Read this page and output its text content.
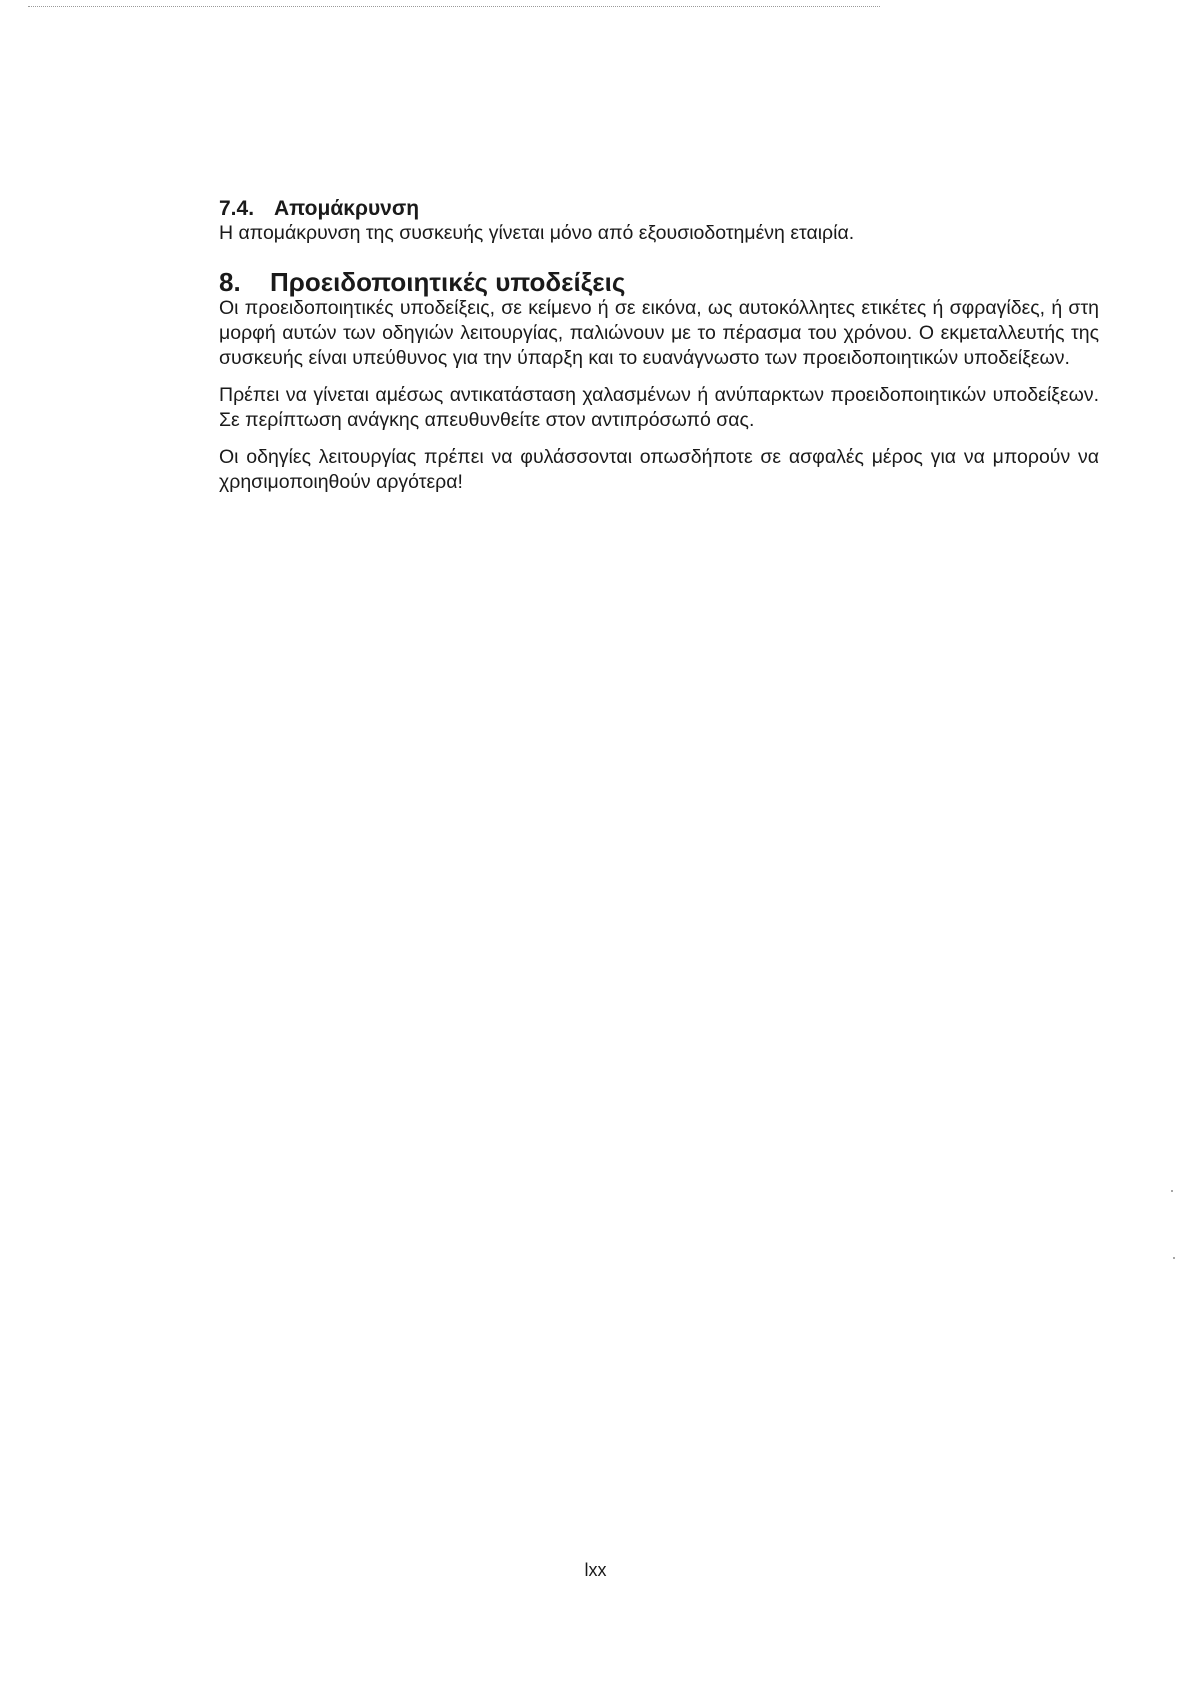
7.4. Απομάκρυνση

Η απομάκρυνση της συσκευής γίνεται μόνο από εξουσιοδοτημένη εταιρία.

8. Προειδοποιητικές υποδείξεις

Οι προειδοποιητικές υποδείξεις, σε κείμενο ή σε εικόνα, ως αυτοκόλλητες ετικέτες ή σφραγίδες, ή στη μορφή αυτών των οδηγιών λειτουργίας, παλιώνουν με το πέρασμα του χρόνου. Ο εκμεταλλευτής της συσκευής είναι υπεύθυνος για την ύπαρξη και το ευανάγνωστο των προειδοποιητικών υποδείξεων.

Πρέπει να γίνεται αμέσως αντικατάσταση χαλασμένων ή ανύπαρκτων προειδοποιητικών υποδείξεων. Σε περίπτωση ανάγκης απευθυνθείτε στον αντιπρόσωπό σας.

Οι οδηγίες λειτουργίας πρέπει να φυλάσσονται οπωσδήποτε σε ασφαλές μέρος για να μπορούν να χρησιμοποιηθούν αργότερα!

lxx
